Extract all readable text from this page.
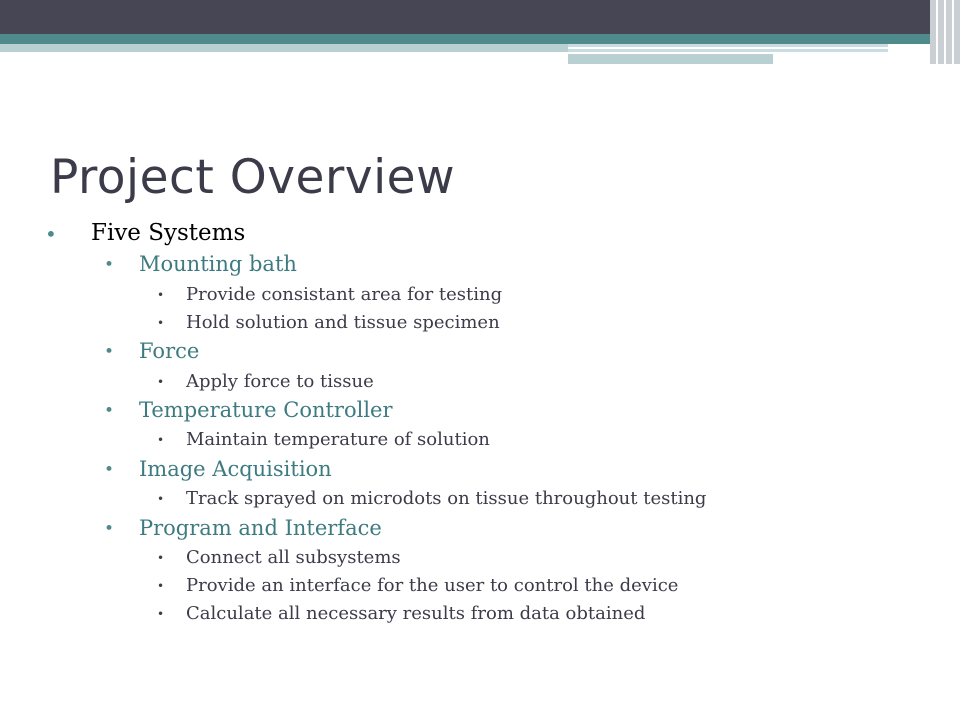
Project Overview
• Five Systems
• Mounting bath
• Provide consistant area for testing
• Hold solution and tissue specimen
• Force
• Apply force to tissue
• Temperature Controller
• Maintain temperature of solution
• Image Acquisition
• Track sprayed on microdots on tissue throughout testing
• Program and Interface
• Connect all subsystems
• Provide an interface for the user to control the device
• Calculate all necessary results from data obtained
